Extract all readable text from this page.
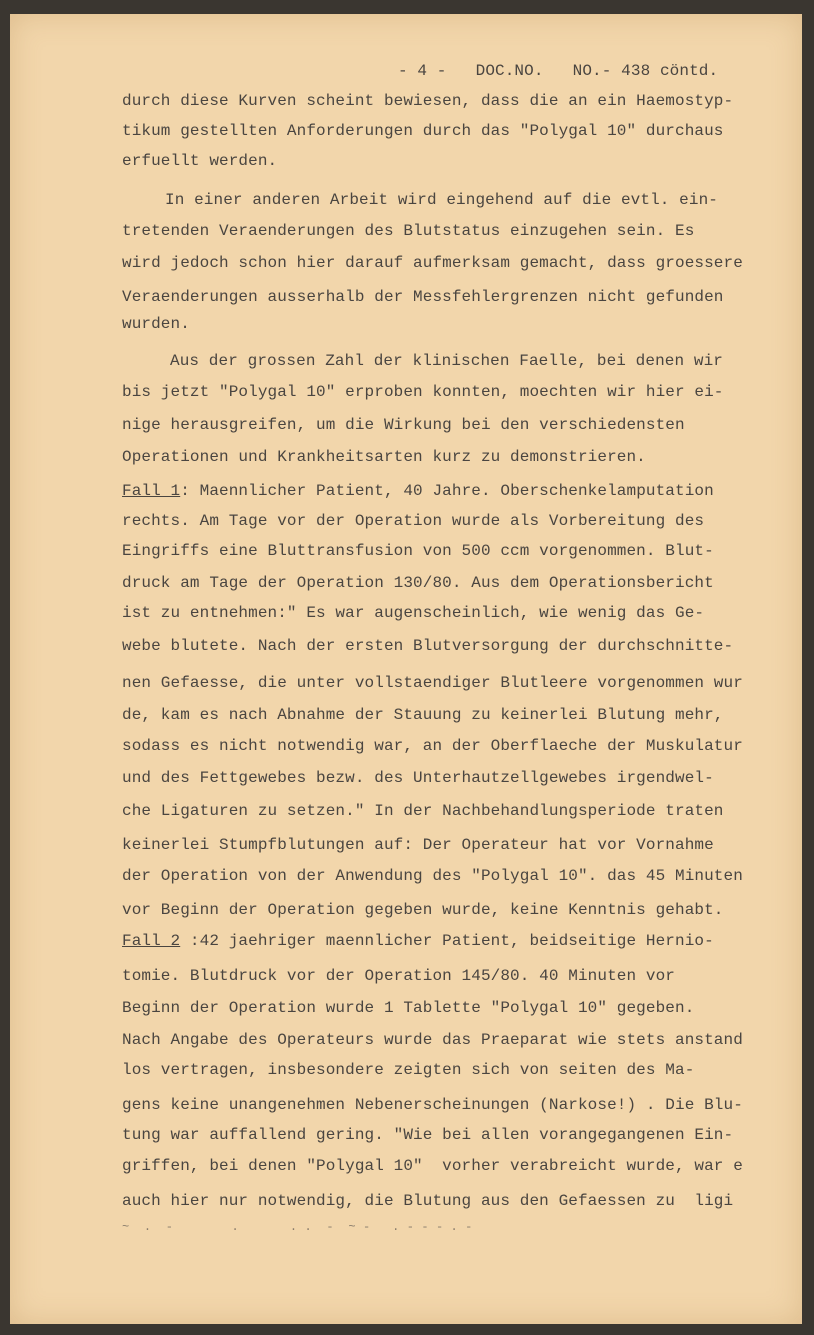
- 4 - DOC.NO. NO.- 438 cöntd.
durch diese Kurven scheint bewiesen, dass die an ein Haemostyp-
tikum gestellten Anforderungen durch das "Polygal 10" durchaus
erfuellt werden.
In einer anderen Arbeit wird eingehend auf die evtl. ein-
tretenden Veraenderungen des Blutstatus einzugehen sein. Es
wird jedoch schon hier darauf aufmerksam gemacht, dass groessere
Veraenderungen ausserhalb der Messfehlergrenzen nicht gefunden
wurden.
Aus der grossen Zahl der klinischen Faelle, bei denen wir
bis jetzt "Polygal 10" erproben konnten, moechten wir hier ei-
nige herausgreifen, um die Wirkung bei den verschiedensten
Operationen und Krankheitsarten kurz zu demonstrieren.
Fall 1: Maennlicher Patient, 40 Jahre. Oberschenkelamputation
rechts. Am Tage vor der Operation wurde als Vorbereitung des
Eingriffs eine Bluttransfusion von 500 ccm vorgenommen. Blut-
druck am Tage der Operation 130/80. Aus dem Operationsbericht
ist zu entnehmen:" Es war augenscheinlich, wie wenig das Ge-
webe blutete. Nach der ersten Blutversorgung der durchschnitte-
nen Gefaesse, die unter vollstaendiger Blutleere vorgenommen wur
de, kam es nach Abnahme der Stauung zu keinerlei Blutung mehr,
sodass es nicht notwendig war, an der Oberflaeche der Muskulatur
und des Fettgewebes bezw. des Unterhautzellgewebes irgendwel-
che Ligaturen zu setzen." In der Nachbehandlungsperiode traten
keinerlei Stumpfblutungen auf: Der Operateur hat vor Vornahme
der Operation von der Anwendung des "Polygal 10". das 45 Minuten
vor Beginn der Operation gegeben wurde, keine Kenntnis gehabt.
Fall 2 :42 jaehriger maennlicher Patient, beidseitige Hernio-
tomie. Blutdruck vor der Operation 145/80. 40 Minuten vor
Beginn der Operation wurde 1 Tablette "Polygal 10" gegeben.
Nach Angabe des Operateurs wurde das Praeparat wie stets anstand
los vertragen, insbesondere zeigten sich von seiten des Ma-
gens keine unangenehmen Nebenerscheinungen (Narkose!) . Die Blu-
tung war auffallend gering. "Wie bei allen vorangegangenen Ein-
griffen, bei denen "Polygal 10"  vorher verabreicht wurde, war e
auch hier nur notwendig, die Blutung aus den Gefaessen zu  ligi
~  .  -        .       . .  -  ~ -   . - - - . -
